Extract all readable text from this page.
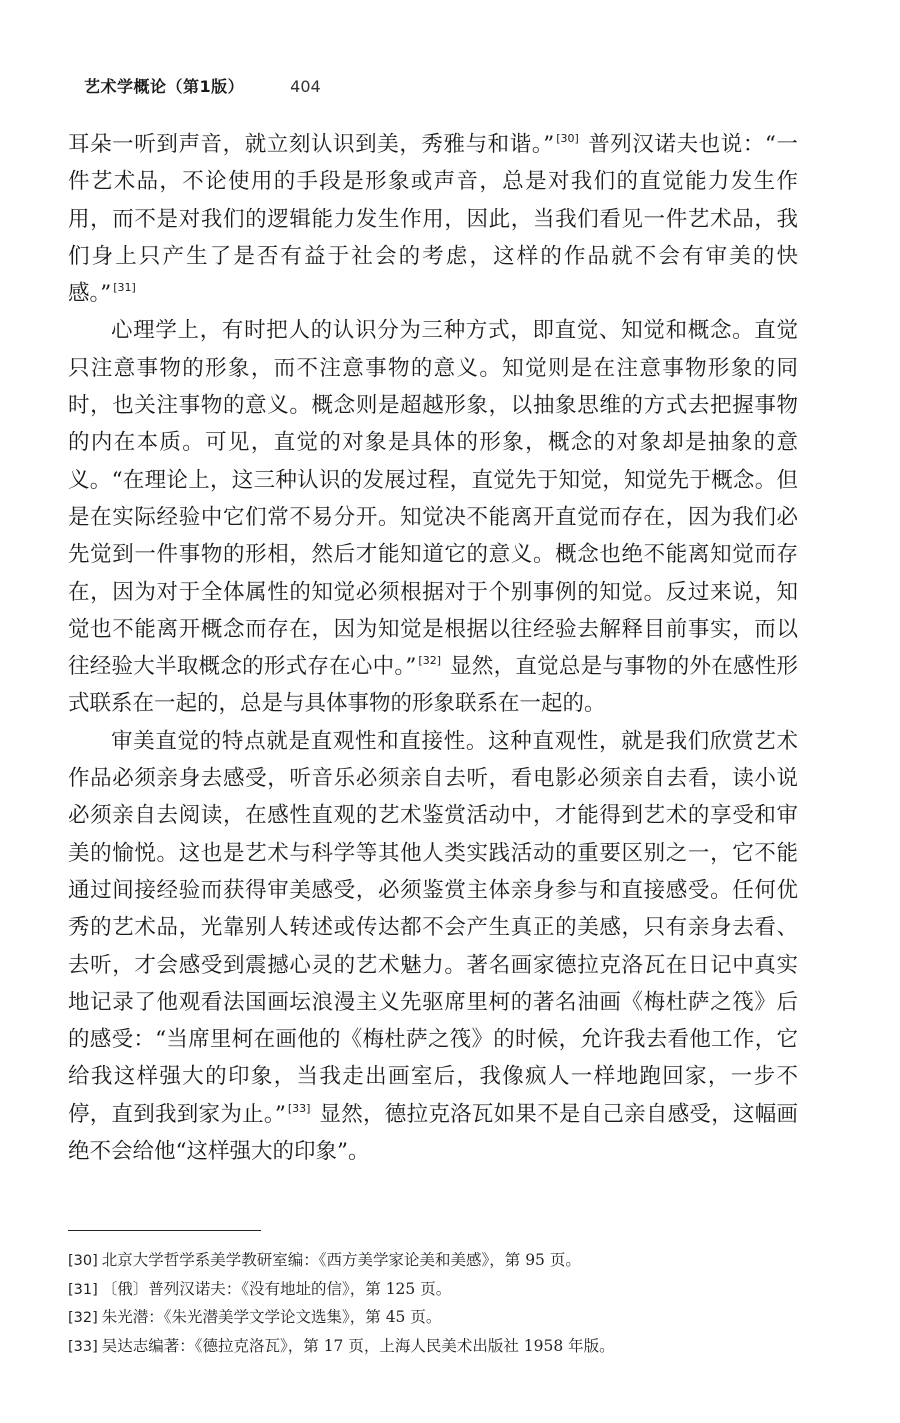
艺术学概论（第1版）	404

耳朵一听到声音，就立刻认识到美，秀雅与和谐。” [30] 普列汉诺夫也说：“一件艺术品，不论使用的手段是形象或声音，总是对我们的直觉能力发生作用，而不是对我们的逻辑能力发生作用，因此，当我们看见一件艺术品，我们身上只产生了是否有益于社会的考虑，这样的作品就不会有审美的快感。” [31]

心理学上，有时把人的认识分为三种方式，即直觉、知觉和概念。直觉只注意事物的形象，而不注意事物的意义。知觉则是在注意事物形象的同时，也关注事物的意义。概念则是超越形象，以抽象思维的方式去把握事物的内在本质。可见，直觉的对象是具体的形象，概念的对象却是抽象的意义。“在理论上，这三种认识的发展过程，直觉先于知觉，知觉先于概念。但是在实际经验中它们常不易分开。知觉决不能离开直觉而存在，因为我们必先觉到一件事物的形相，然后才能知道它的意义。概念也绝不能离知觉而存在，因为对于全体属性的知觉必须根据对于个别事例的知觉。反过来说，知觉也不能离开概念而存在，因为知觉是根据以往经验去解释目前事实，而以往经验大半取概念的形式存在心中。” [32] 显然，直觉总是与事物的外在感性形式联系在一起的，总是与具体事物的形象联系在一起的。

审美直觉的特点就是直观性和直接性。这种直观性，就是我们欣赏艺术作品必须亲身去感受，听音乐必须亲自去听，看电影必须亲自去看，读小说必须亲自去阅读，在感性直观的艺术鉴赏活动中，才能得到艺术的享受和审美的愉悦。这也是艺术与科学等其他人类实践活动的重要区别之一，它不能通过间接经验而获得审美感受，必须鉴赏主体亲身参与和直接感受。任何优秀的艺术品，光靠别人转述或传达都不会产生真正的美感，只有亲身去看、去听，才会感受到震撼心灵的艺术魅力。著名画家德拉克洛瓦在日记中真实地记录了他观看法国画坛浪漫主义先驱席里柯的著名油画《梅杜萨之筏》后的感受：“当席里柯在画他的《梅杜萨之筏》的时候，允许我去看他工作，它给我这样强大的印象，当我走出画室后，我像疯人一样地跑回家，一步不停，直到我到家为止。” [33] 显然，德拉克洛瓦如果不是自己亲自感受，这幅画绝不会给他“这样强大的印象”。

[30] 北京大学哲学系美学教研室编：《西方美学家论美和美感》，第 95 页。
[31] 〔俄〕普列汉诺夫：《没有地址的信》，第 125 页。
[32] 朱光潜：《朱光潜美学文学论文选集》，第 45 页。
[33] 吴达志编著：《德拉克洛瓦》，第 17 页，上海人民美术出版社 1958 年版。
